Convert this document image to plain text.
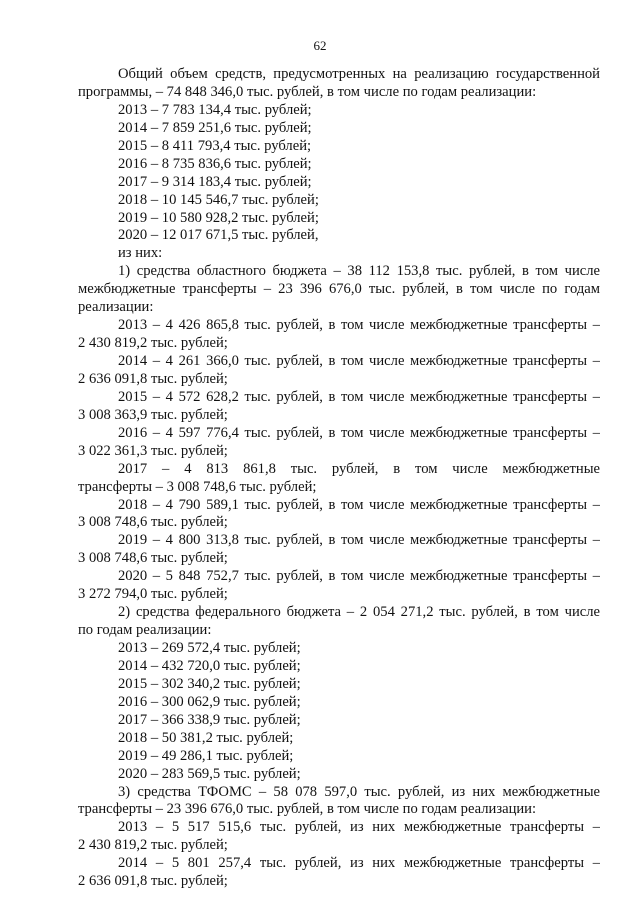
62
Общий объем средств, предусмотренных на реализацию государственной
программы, – 74 848 346,0 тыс. рублей, в том числе по годам реализации:
2013 – 7 783 134,4 тыс. рублей;
2014 – 7 859 251,6 тыс. рублей;
2015 – 8 411 793,4 тыс. рублей;
2016 – 8 735 836,6 тыс. рублей;
2017 – 9 314 183,4 тыс. рублей;
2018 – 10 145 546,7 тыс. рублей;
2019 – 10 580 928,2 тыс. рублей;
2020 – 12 017 671,5 тыс. рублей,
из них:
1) средства областного бюджета – 38 112 153,8 тыс. рублей, в том числе
межбюджетные трансферты – 23 396 676,0 тыс. рублей, в том числе по годам
реализации:
2013 – 4 426 865,8 тыс. рублей, в том числе межбюджетные трансферты –
2 430 819,2 тыс. рублей;
2014 – 4 261 366,0 тыс. рублей, в том числе межбюджетные трансферты –
2 636 091,8 тыс. рублей;
2015 – 4 572 628,2 тыс. рублей, в том числе межбюджетные трансферты –
3 008 363,9 тыс. рублей;
2016 – 4 597 776,4 тыс. рублей, в том числе межбюджетные трансферты –
3 022 361,3 тыс. рублей;
2017 – 4 813 861,8 тыс. рублей, в том числе межбюджетные
трансферты – 3 008 748,6 тыс. рублей;
2018 – 4 790 589,1 тыс. рублей, в том числе межбюджетные трансферты –
3 008 748,6 тыс. рублей;
2019 – 4 800 313,8 тыс. рублей, в том числе межбюджетные трансферты –
3 008 748,6 тыс. рублей;
2020 – 5 848 752,7 тыс. рублей, в том числе межбюджетные трансферты –
3 272 794,0 тыс. рублей;
2) средства федерального бюджета – 2 054 271,2 тыс. рублей, в том числе
по годам реализации:
2013 – 269 572,4 тыс. рублей;
2014 – 432 720,0 тыс. рублей;
2015 – 302 340,2 тыс. рублей;
2016 – 300 062,9 тыс. рублей;
2017 – 366 338,9 тыс. рублей;
2018 – 50 381,2 тыс. рублей;
2019 – 49 286,1 тыс. рублей;
2020 – 283 569,5 тыс. рублей;
3) средства ТФОМС – 58 078 597,0 тыс. рублей, из них межбюджетные
трансферты – 23 396 676,0 тыс. рублей, в том числе по годам реализации:
2013 – 5 517 515,6 тыс. рублей, из них межбюджетные трансферты –
2 430 819,2 тыс. рублей;
2014 – 5 801 257,4 тыс. рублей, из них межбюджетные трансферты –
2 636 091,8 тыс. рублей;
